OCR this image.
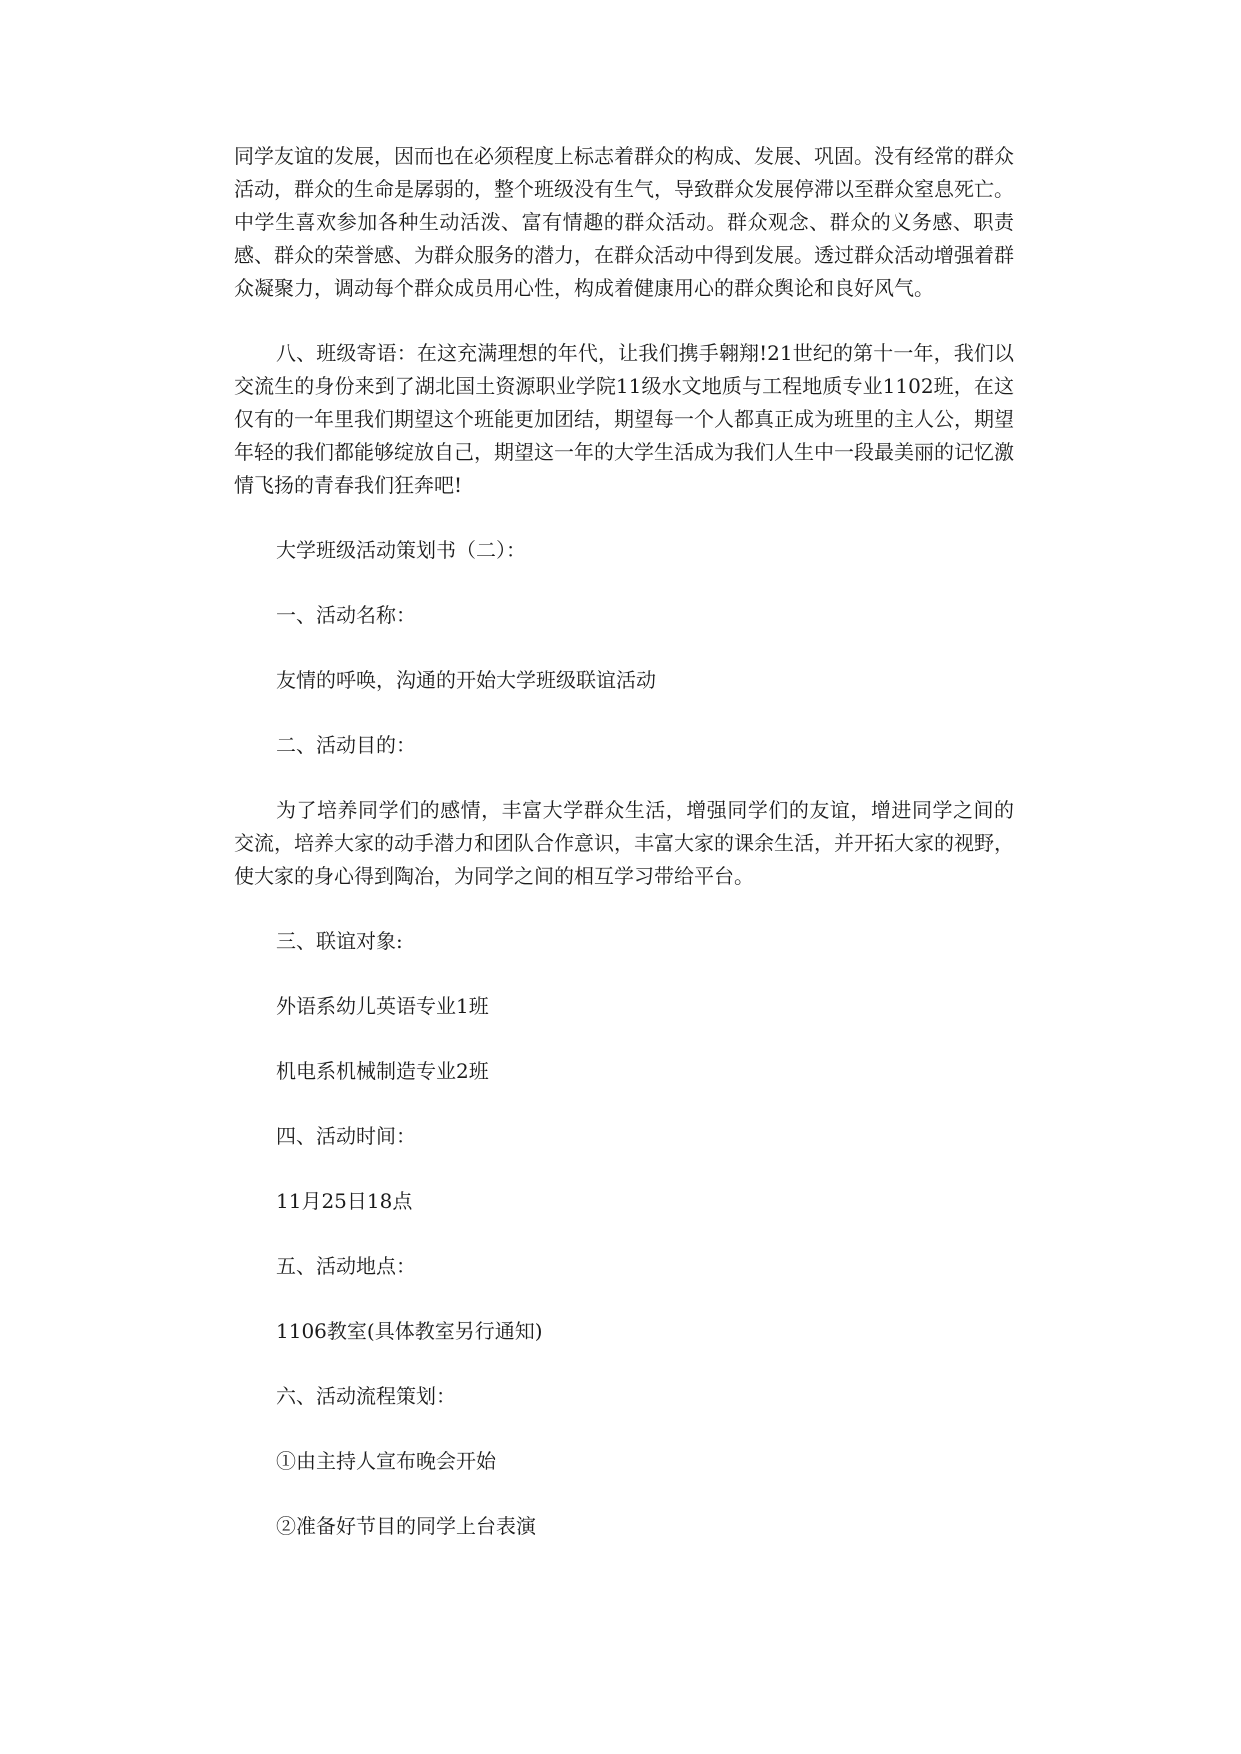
同学友谊的发展，因而也在必须程度上标志着群众的构成、发展、巩固。没有经常的群众活动，群众的生命是孱弱的，整个班级没有生气，导致群众发展停滞以至群众窒息死亡。中学生喜欢参加各种生动活泼、富有情趣的群众活动。群众观念、群众的义务感、职责感、群众的荣誉感、为群众服务的潜力，在群众活动中得到发展。透过群众活动增强着群众凝聚力，调动每个群众成员用心性，构成着健康用心的群众舆论和良好风气。

八、班级寄语：在这充满理想的年代，让我们携手翱翔!21世纪的第十一年，我们以交流生的身份来到了湖北国土资源职业学院11级水文地质与工程地质专业1102班，在这仅有的一年里我们期望这个班能更加团结，期望每一个人都真正成为班里的主人公，期望年轻的我们都能够绽放自己，期望这一年的大学生活成为我们人生中一段最美丽的记忆激情飞扬的青春我们狂奔吧!

大学班级活动策划书（二）：

一、活动名称：

友情的呼唤，沟通的开始大学班级联谊活动

二、活动目的：

为了培养同学们的感情，丰富大学群众生活，增强同学们的友谊，增进同学之间的交流，培养大家的动手潜力和团队合作意识，丰富大家的课余生活，并开拓大家的视野，使大家的身心得到陶冶，为同学之间的相互学习带给平台。

三、联谊对象:

外语系幼儿英语专业1班

机电系机械制造专业2班

四、活动时间：

11月25日18点

五、活动地点：

1106教室(具体教室另行通知)

六、活动流程策划：

①由主持人宣布晚会开始

②准备好节目的同学上台表演
